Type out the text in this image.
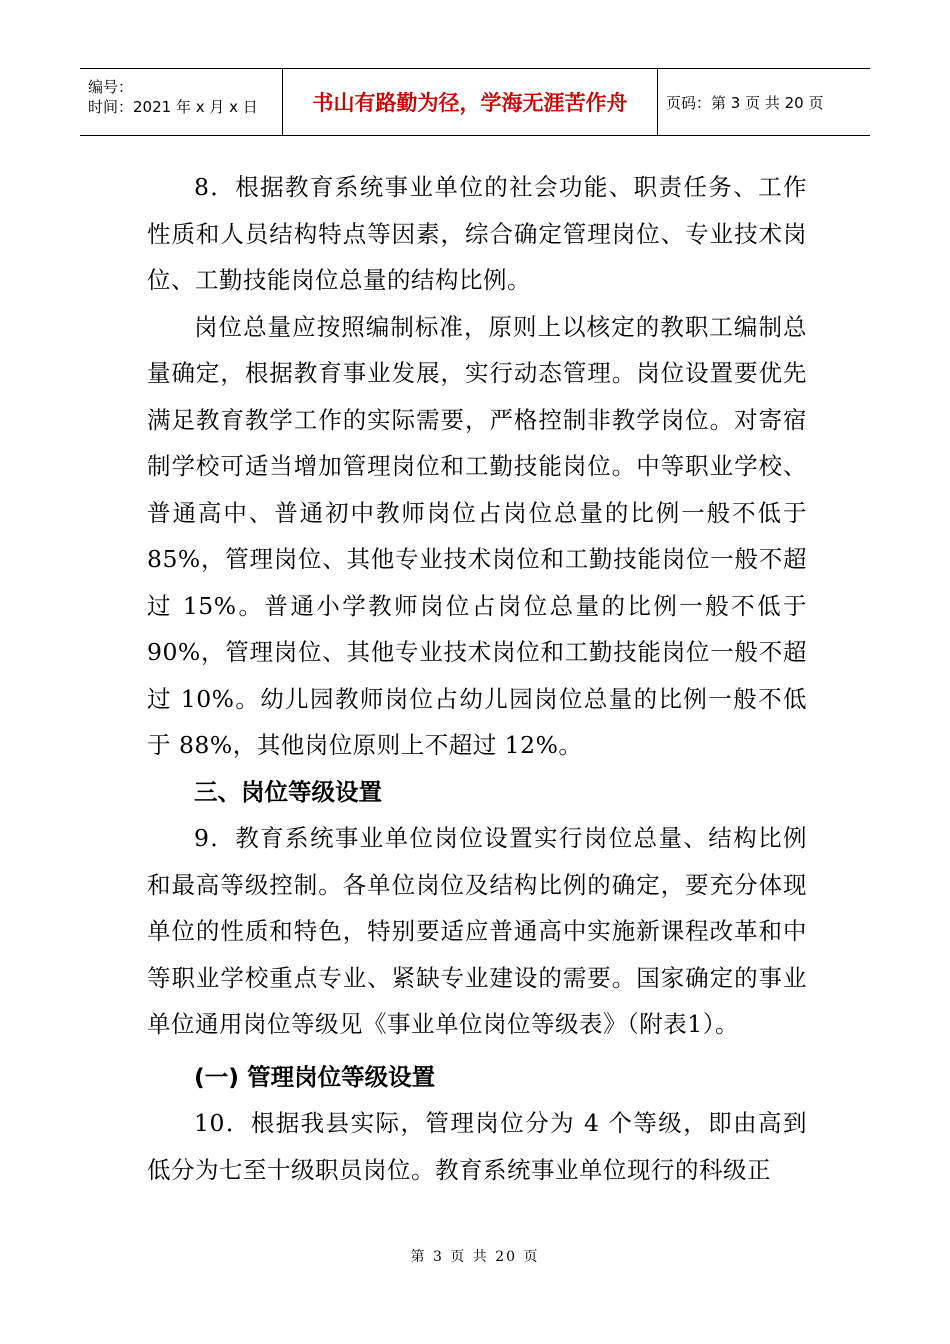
编号：
时间：2021 年 x 月 x 日	书山有路勤为径，学海无涯苦作舟	页码：第 3 页 共 20 页

8．根据教育系统事业单位的社会功能、职责任务、工作性质和人员结构特点等因素，综合确定管理岗位、专业技术岗位、工勤技能岗位总量的结构比例。

岗位总量应按照编制标准，原则上以核定的教职工编制总量确定，根据教育事业发展，实行动态管理。岗位设置要优先满足教育教学工作的实际需要，严格控制非教学岗位。对寄宿制学校可适当增加管理岗位和工勤技能岗位。中等职业学校、普通高中、普通初中教师岗位占岗位总量的比例一般不低于 85%，管理岗位、其他专业技术岗位和工勤技能岗位一般不超过 15%。普通小学教师岗位占岗位总量的比例一般不低于 90%，管理岗位、其他专业技术岗位和工勤技能岗位一般不超过 10%。幼儿园教师岗位占幼儿园岗位总量的比例一般不低于 88%，其他岗位原则上不超过 12%。

三、岗位等级设置

9．教育系统事业单位岗位设置实行岗位总量、结构比例和最高等级控制。各单位岗位及结构比例的确定，要充分体现单位的性质和特色，特别要适应普通高中实施新课程改革和中等职业学校重点专业、紧缺专业建设的需要。国家确定的事业单位通用岗位等级见《事业单位岗位等级表》（附表1）。

(一) 管理岗位等级设置

10．根据我县实际，管理岗位分为 4 个等级，即由高到低分为七至十级职员岗位。教育系统事业单位现行的科级正

第 3 页 共 20 页
